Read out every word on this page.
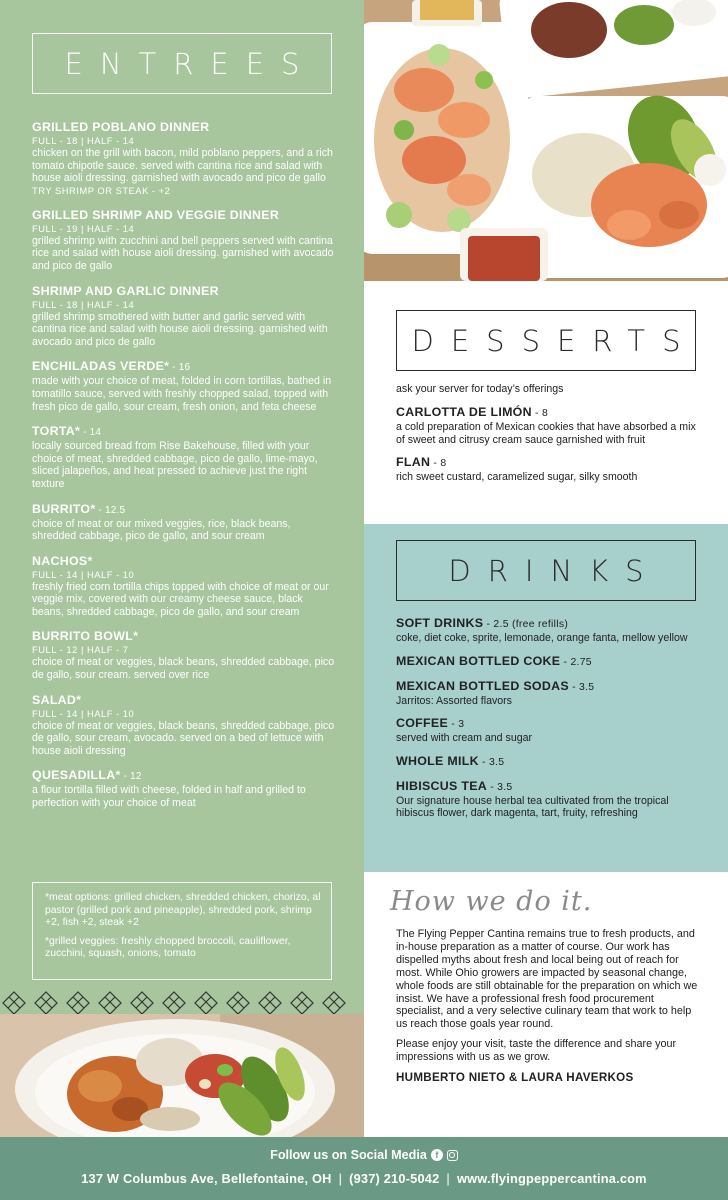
ENTREES
GRILLED POBLANO DINNER
FULL - 18 | HALF - 14
chicken on the grill with bacon, mild poblano peppers, and a rich tomato chipotle sauce. served with cantina rice and salad with house aioli dressing. garnished with avocado and pico de gallo
TRY SHRIMP OR STEAK - +2
GRILLED SHRIMP AND VEGGIE DINNER
FULL - 19 | HALF - 14
grilled shrimp with zucchini and bell peppers served with cantina rice and salad with house aioli dressing. garnished with avocado and pico de gallo
SHRIMP AND GARLIC DINNER
FULL - 18 | HALF - 14
grilled shrimp smothered with butter and garlic served with cantina rice and salad with house aioli dressing. garnished with avocado and pico de gallo
ENCHILADAS VERDE* - 16
made with your choice of meat, folded in corn tortillas, bathed in tomatillo sauce, served with freshly chopped salad, topped with fresh pico de gallo, sour cream, fresh onion, and feta cheese
TORTA* - 14
locally sourced bread from Rise Bakehouse, filled with your choice of meat, shredded cabbage, pico de gallo, lime-mayo, sliced jalapeños, and heat pressed to achieve just the right texture
BURRITO* - 12.5
choice of meat or our mixed veggies, rice, black beans, shredded cabbage, pico de gallo, and sour cream
NACHOS*
FULL - 14 | HALF - 10
freshly fried corn tortilla chips topped with choice of meat or our veggie mix, covered with our creamy cheese sauce, black beans, shredded cabbage, pico de gallo, and sour cream
BURRITO BOWL*
FULL - 12 | HALF - 7
choice of meat or veggies, black beans, shredded cabbage, pico de gallo, sour cream. served over rice
SALAD*
FULL - 14 | HALF - 10
choice of meat or veggies, black beans, shredded cabbage, pico de gallo, sour cream, avocado. served on a bed of lettuce with house aioli dressing
QUESADILLA* - 12
a flour tortilla filled with cheese, folded in half and grilled to perfection with your choice of meat

*meat options: grilled chicken, shredded chicken, chorizo, al pastor (grilled pork and pineapple), shredded pork, shrimp +2, fish +2, steak +2

*grilled veggies: freshly chopped broccoli, cauliflower, zucchini, squash, onions, tomato

DESSERTS
ask your server for today’s offerings
CARLOTTA DE LIMÓN - 8
a cold preparation of Mexican cookies that have absorbed a mix of sweet and citrusy cream sauce garnished with fruit
FLAN - 8
rich sweet custard, caramelized sugar, silky smooth
DRINKS
SOFT DRINKS - 2.5 (free refills)
coke, diet coke, sprite, lemonade, orange fanta, mellow yellow
MEXICAN BOTTLED COKE - 2.75
MEXICAN BOTTLED SODAS - 3.5
Jarritos: Assorted flavors
COFFEE - 3
served with cream and sugar
WHOLE MILK - 3.5
HIBISCUS TEA - 3.5
Our signature house herbal tea cultivated from the tropical hibiscus flower, dark magenta, tart, fruity, refreshing
How we do it.

The Flying Pepper Cantina remains true to fresh products, and in-house preparation as a matter of course. Our work has dispelled myths about fresh and local being out of reach for most. While Ohio growers are impacted by seasonal change, whole foods are still obtainable for the preparation on which we insist. We have a professional fresh food procurement specialist, and a very selective culinary team that work to help us reach those goals year round.

Please enjoy your visit, taste the difference and share your impressions with us as we grow.

HUMBERTO NIETO & LAURA HAVERKOS
Follow us on Social Media f
137 W Columbus Ave, Bellefontaine, OH | (937) 210-5042 | www.flyingpeppercantina.com
